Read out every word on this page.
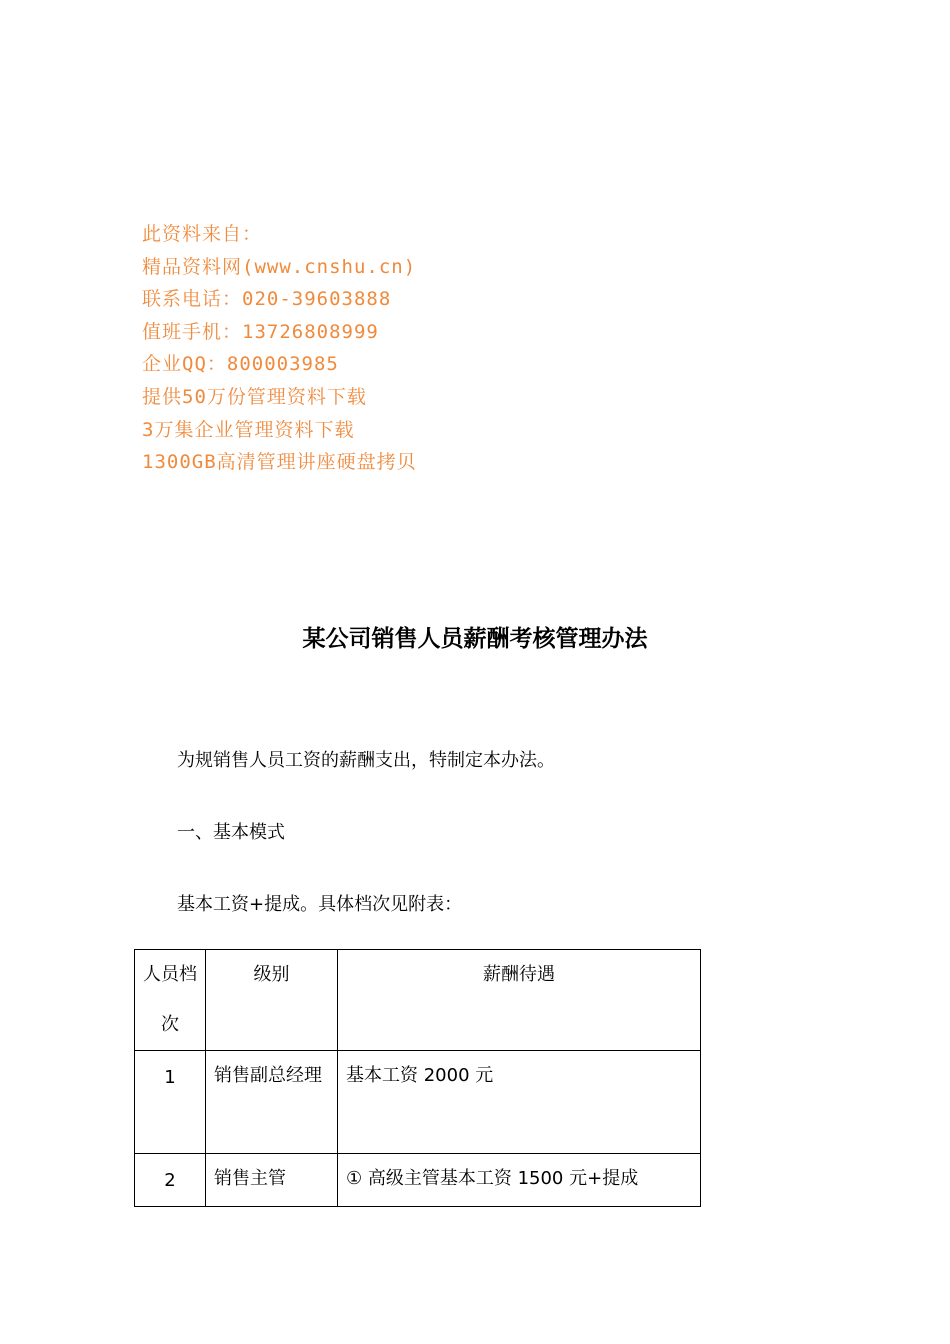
此资料来自：
精品资料网(www.cnshu.cn)
联系电话：020-39603888
值班手机：13726808999
企业QQ：800003985
提供50万份管理资料下载
3万集企业管理资料下载
1300GB高清管理讲座硬盘拷贝
某公司销售人员薪酬考核管理办法
为规销售人员工资的薪酬支出，特制定本办法。
一、基本模式
基本工资+提成。具体档次见附表：
人员档次	级别	薪酬待遇
1	销售副总经理	基本工资 2000 元
2	销售主管	① 高级主管基本工资 1500 元+提成
